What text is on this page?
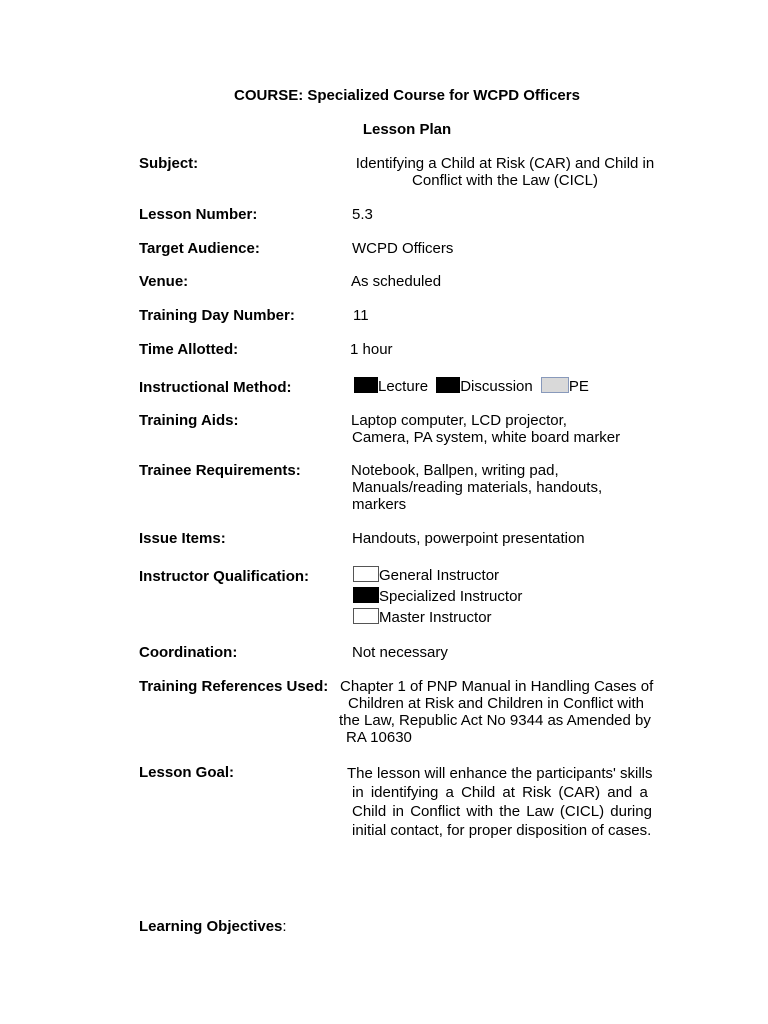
COURSE: Specialized Course for WCPD Officers
Lesson Plan
Subject:	Identifying a Child at Risk (CAR) and Child in
Conflict with the Law (CICL)
Lesson Number:	5.3
Target Audience:	WCPD Officers
Venue:	As scheduled
Training Day Number:	11
Time Allotted:	1 hour
Instructional Method:	Lecture Discussion PE
Training Aids:	Laptop computer, LCD projector,
Camera, PA system, white board marker
Trainee Requirements:	Notebook, Ballpen, writing pad,
Manuals/reading materials, handouts,
markers
Issue Items:	Handouts, powerpoint presentation
Instructor Qualification:	General Instructor
Specialized Instructor
Master Instructor
Coordination:	Not necessary
Training References Used: Chapter 1 of PNP Manual in Handling Cases of
Children at Risk and Children in Conflict with
the Law, Republic Act No 9344 as Amended by
RA 10630
Lesson Goal:	The lesson will enhance the participants' skills
in identifying a Child at Risk (CAR) and a
Child in Conflict with the Law (CICL) during
initial contact, for proper disposition of cases.
Learning Objectives:
